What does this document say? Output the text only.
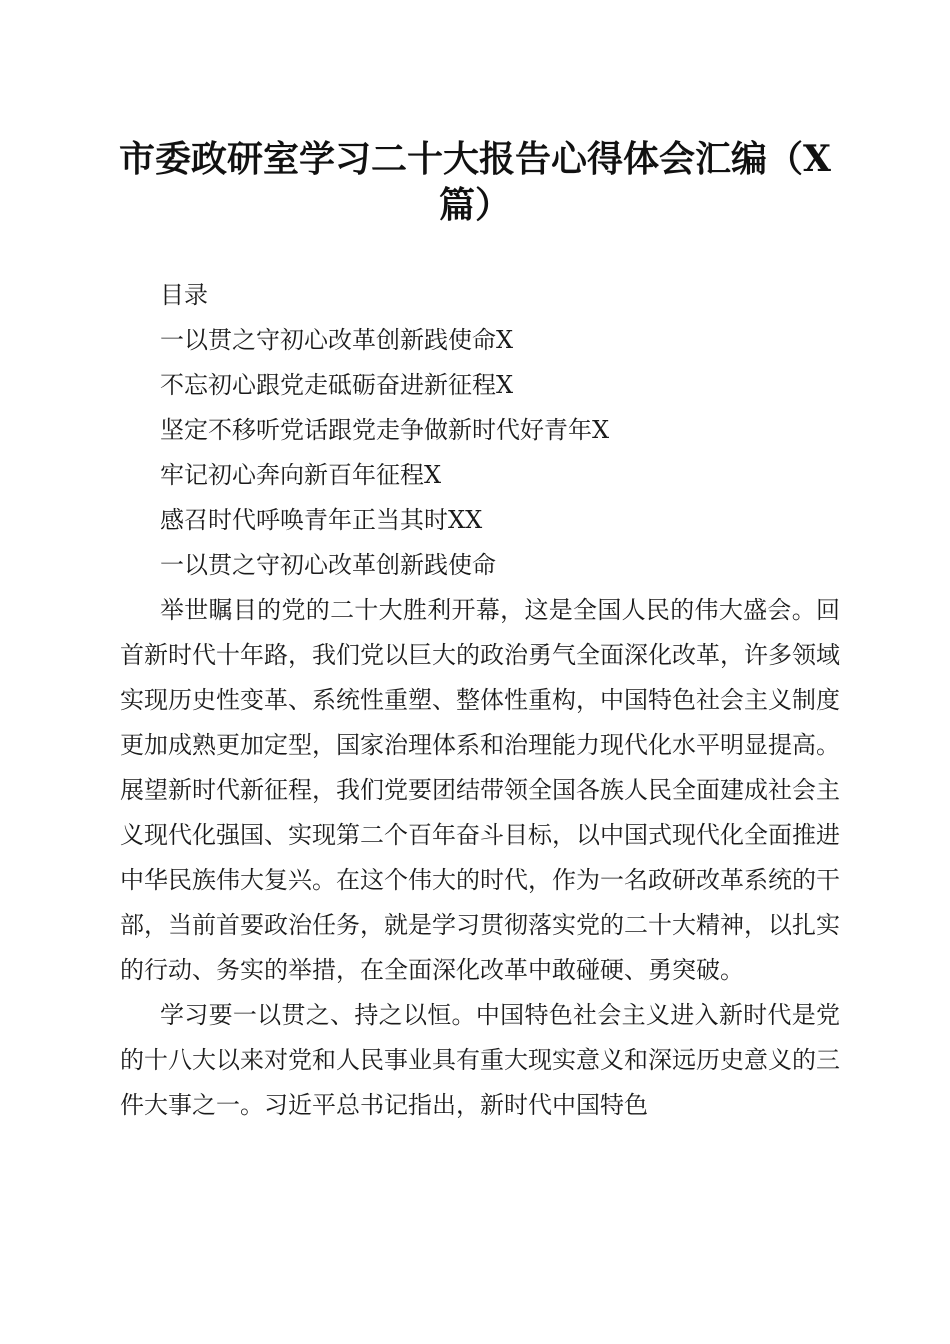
市委政研室学习二十大报告心得体会汇编（X篇）
目录
一以贯之守初心改革创新践使命X
不忘初心跟党走砥砺奋进新征程X
坚定不移听党话跟党走争做新时代好青年X
牢记初心奔向新百年征程X
感召时代呼唤青年正当其时XX
一以贯之守初心改革创新践使命

举世瞩目的党的二十大胜利开幕，这是全国人民的伟大盛会。回首新时代十年路，我们党以巨大的政治勇气全面深化改革，许多领域实现历史性变革、系统性重塑、整体性重构，中国特色社会主义制度更加成熟更加定型，国家治理体系和治理能力现代化水平明显提高。展望新时代新征程，我们党要团结带领全国各族人民全面建成社会主义现代化强国、实现第二个百年奋斗目标，以中国式现代化全面推进中华民族伟大复兴。在这个伟大的时代，作为一名政研改革系统的干部，当前首要政治任务，就是学习贯彻落实党的二十大精神，以扎实的行动、务实的举措，在全面深化改革中敢碰硬、勇突破。

学习要一以贯之、持之以恒。中国特色社会主义进入新时代是党的十八大以来对党和人民事业具有重大现实意义和深远历史意义的三件大事之一。习近平总书记指出，新时代中国特色
